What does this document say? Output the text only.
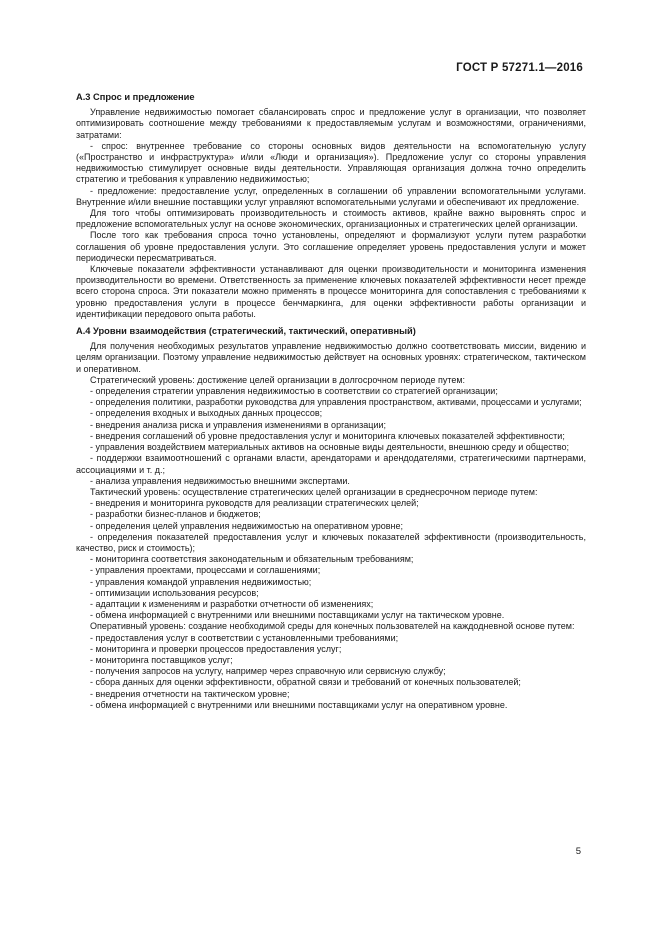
ГОСТ Р 57271.1—2016
А.3 Спрос и предложение

Управление недвижимостью помогает сбалансировать спрос и предложение услуг в организации, что позволяет оптимизировать соотношение между требованиями к предоставляемым услугам и возможностями, ограничениями, затратами:

- спрос: внутреннее требование со стороны основных видов деятельности на вспомогательную услугу («Пространство и инфраструктура» и/или «Люди и организация»). Предложение услуг со стороны управления недвижимостью стимулирует основные виды деятельности. Управляющая организация должна точно определить стратегию и требования к управлению недвижимостью;

- предложение: предоставление услуг, определенных в соглашении об управлении вспомогательными услугами. Внутренние и/или внешние поставщики услуг управляют вспомогательными услугами и обеспечивают их предложение.

Для того чтобы оптимизировать производительность и стоимость активов, крайне важно выровнять спрос и предложение вспомогательных услуг на основе экономических, организационных и стратегических целей организации.

После того как требования спроса точно установлены, определяют и формализуют услуги путем разработки соглашения об уровне предоставления услуги. Это соглашение определяет уровень предоставления услуги и может периодически пересматриваться.

Ключевые показатели эффективности устанавливают для оценки производительности и мониторинга изменения производительности во времени. Ответственность за применение ключевых показателей эффективности несет прежде всего сторона спроса. Эти показатели можно применять в процессе мониторинга для сопоставления с требованиями к уровню предоставления услуги в процессе бенчмаркинга, для оценки эффективности работы организации и идентификации передового опыта работы.

А.4 Уровни взаимодействия (стратегический, тактический, оперативный)

Для получения необходимых результатов управление недвижимостью должно соответствовать миссии, видению и целям организации. Поэтому управление недвижимостью действует на основных уровнях: стратегическом, тактическом и оперативном.

Стратегический уровень: достижение целей организации в долгосрочном периоде путем:

- определения стратегии управления недвижимостью в соответствии со стратегией организации;

- определения политики, разработки руководства для управления пространством, активами, процессами и услугами;

- определения входных и выходных данных процессов;

- внедрения анализа риска и управления изменениями в организации;

- внедрения соглашений об уровне предоставления услуг и мониторинга ключевых показателей эффективности;

- управления воздействием материальных активов на основные виды деятельности, внешнюю среду и общество;

- поддержки взаимоотношений с органами власти, арендаторами и арендодателями, стратегическими партнерами, ассоциациями и т. д.;

- анализа управления недвижимостью внешними экспертами.

Тактический уровень: осуществление стратегических целей организации в среднесрочном периоде путем:

- внедрения и мониторинга руководств для реализации стратегических целей;

- разработки бизнес-планов и бюджетов;

- определения целей управления недвижимостью на оперативном уровне;

- определения показателей предоставления услуг и ключевых показателей эффективности (производительность, качество, риск и стоимость);

- мониторинга соответствия законодательным и обязательным требованиям;

- управления проектами, процессами и соглашениями;

- управления командой управления недвижимостью;

- оптимизации использования ресурсов;

- адаптации к изменениям и разработки отчетности об изменениях;

- обмена информацией с внутренними или внешними поставщиками услуг на тактическом уровне.

Оперативный уровень: создание необходимой среды для конечных пользователей на каждодневной основе путем:

- предоставления услуг в соответствии с установленными требованиями;

- мониторинга и проверки процессов предоставления услуг;

- мониторинга поставщиков услуг;

- получения запросов на услугу, например через справочную или сервисную службу;

- сбора данных для оценки эффективности, обратной связи и требований от конечных пользователей;

- внедрения отчетности на тактическом уровне;

- обмена информацией с внутренними или внешними поставщиками услуг на оперативном уровне.

5
